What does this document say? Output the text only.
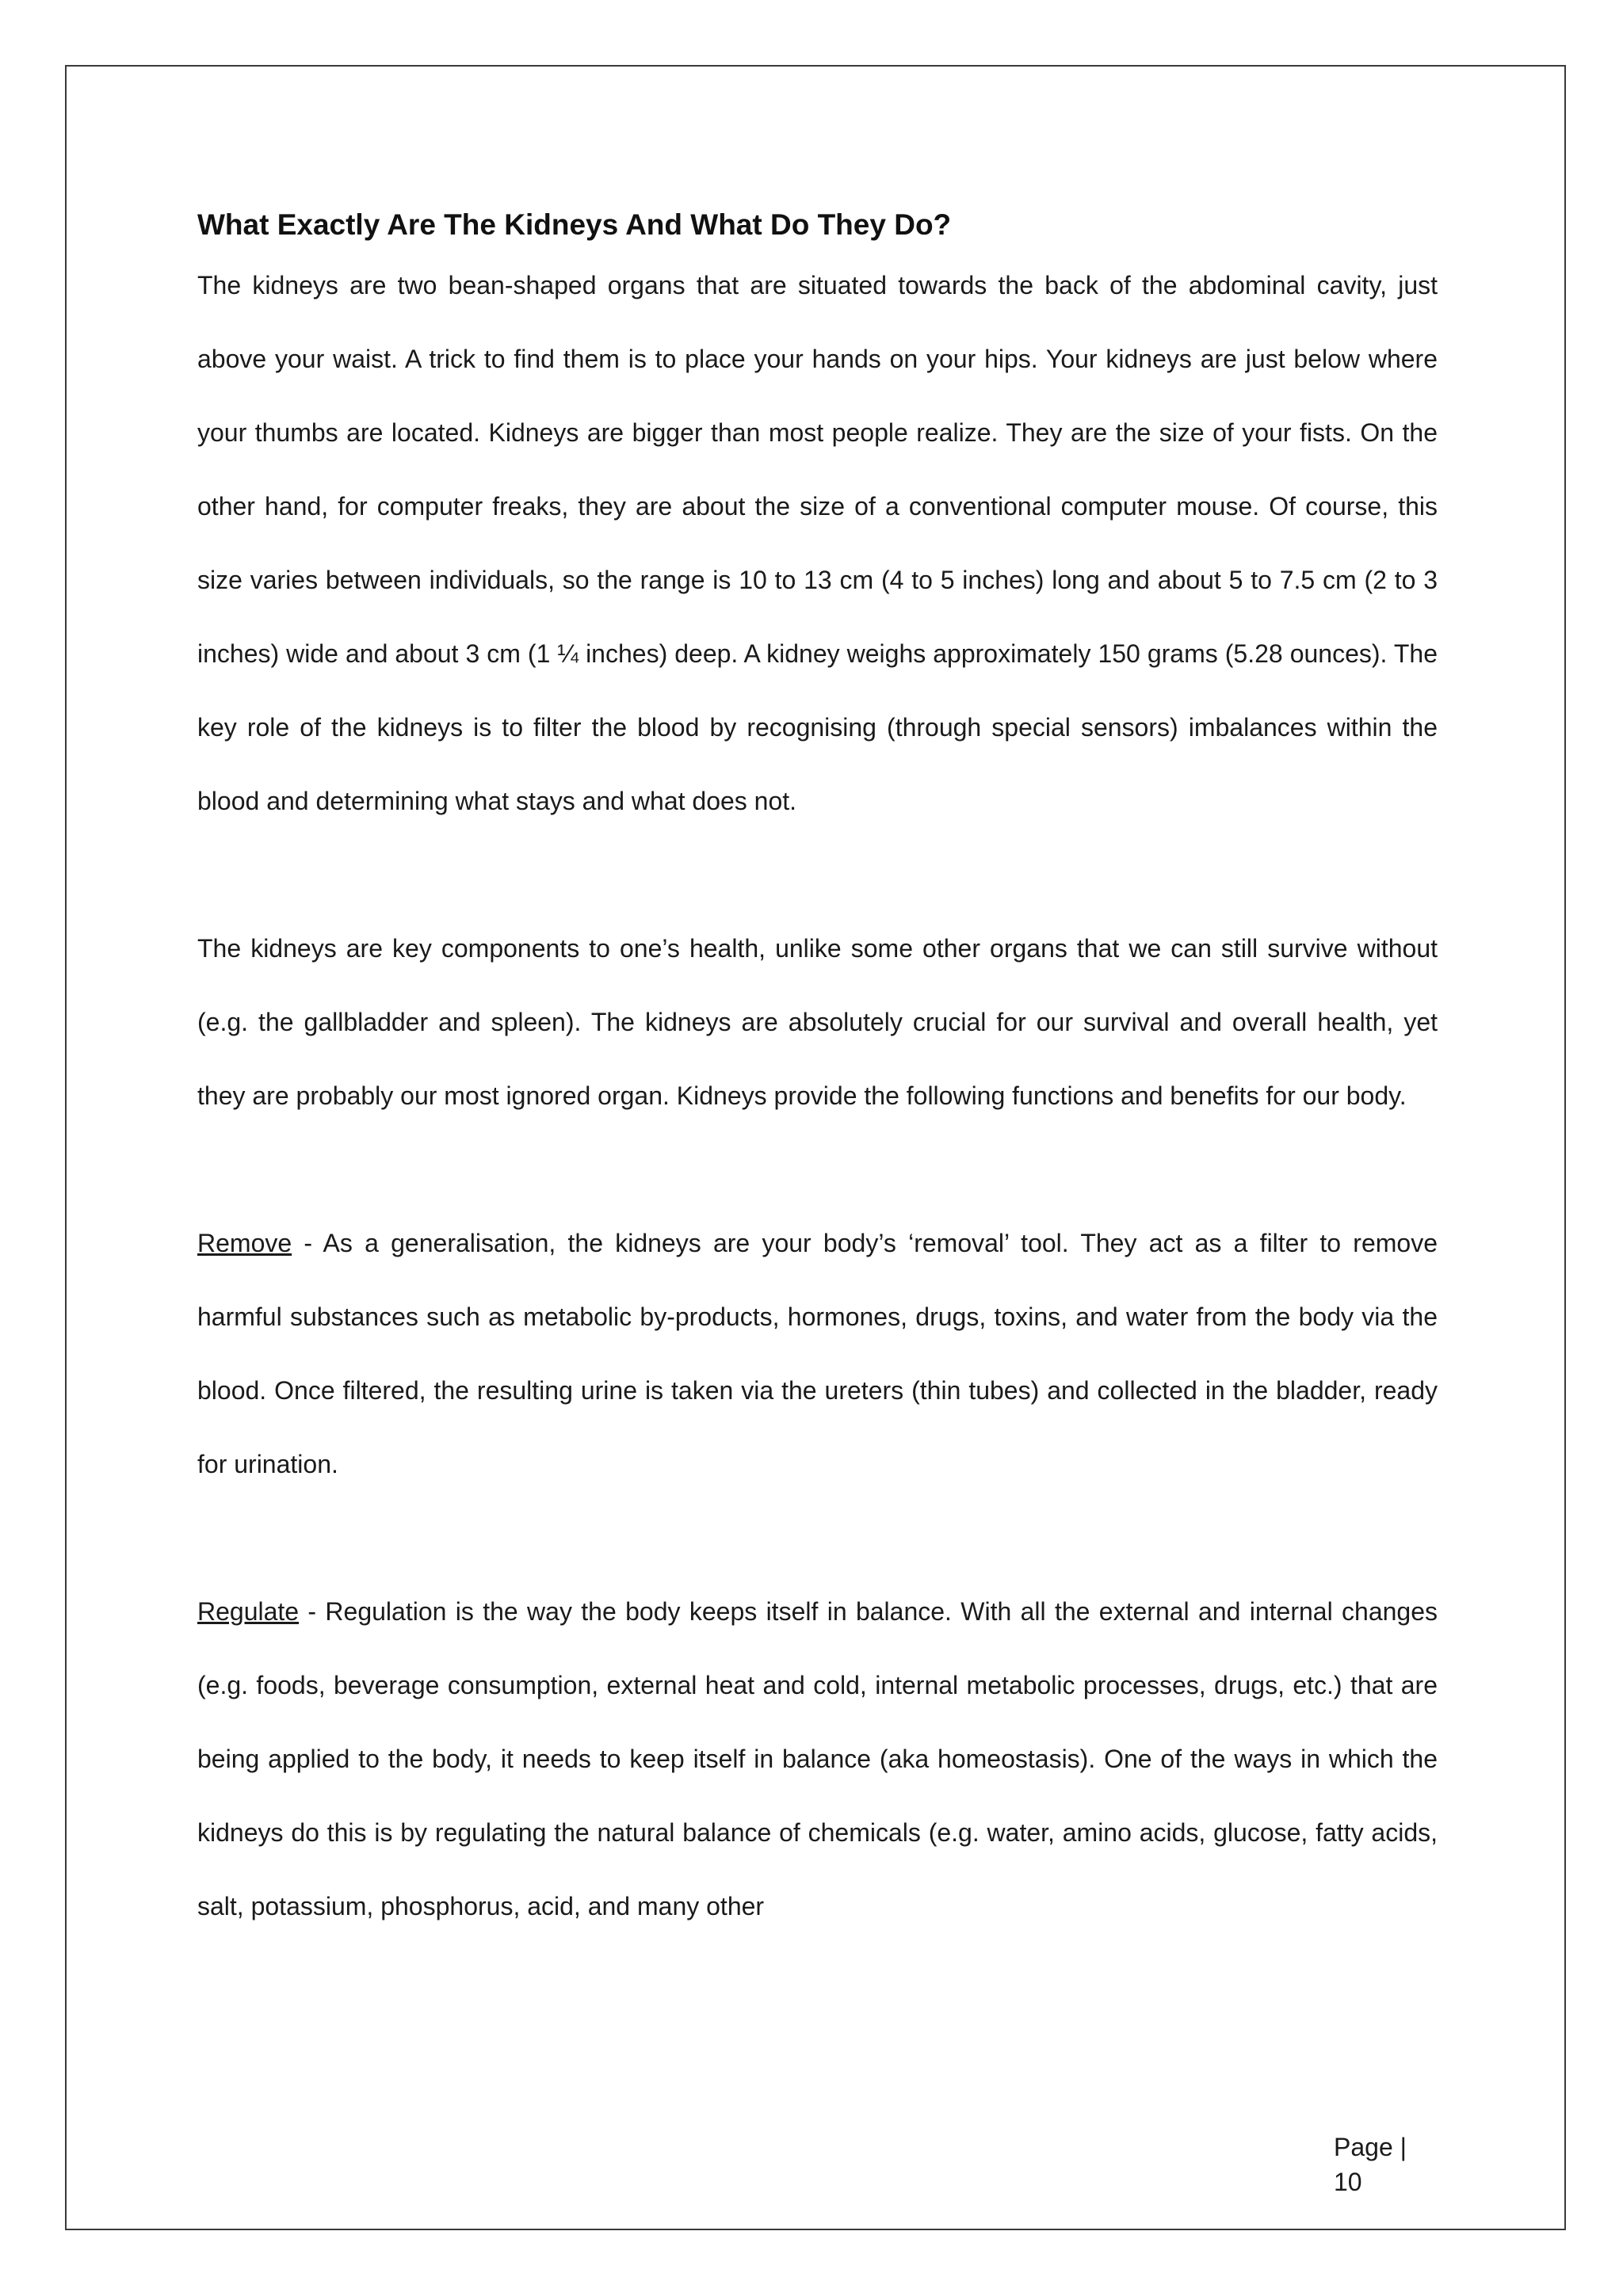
What Exactly Are The Kidneys And What Do They Do?

The kidneys are two bean-shaped organs that are situated towards the back of the abdominal cavity, just above your waist. A trick to find them is to place your hands on your hips. Your kidneys are just below where your thumbs are located. Kidneys are bigger than most people realize. They are the size of your fists. On the other hand, for computer freaks, they are about the size of a conventional computer mouse. Of course, this size varies between individuals, so the range is 10 to 13 cm (4 to 5 inches) long and about 5 to 7.5 cm (2 to 3 inches) wide and about 3 cm (1 ¼ inches) deep. A kidney weighs approximately 150 grams (5.28 ounces). The key role of the kidneys is to filter the blood by recognising (through special sensors) imbalances within the blood and determining what stays and what does not.

The kidneys are key components to one’s health, unlike some other organs that we can still survive without (e.g. the gallbladder and spleen). The kidneys are absolutely crucial for our survival and overall health, yet they are probably our most ignored organ. Kidneys provide the following functions and benefits for our body.

Remove - As a generalisation, the kidneys are your body’s ‘removal’ tool. They act as a filter to remove harmful substances such as metabolic by-products, hormones, drugs, toxins, and water from the body via the blood. Once filtered, the resulting urine is taken via the ureters (thin tubes) and collected in the bladder, ready for urination.

Regulate - Regulation is the way the body keeps itself in balance. With all the external and internal changes (e.g. foods, beverage consumption, external heat and cold, internal metabolic processes, drugs, etc.) that are being applied to the body, it needs to keep itself in balance (aka homeostasis). One of the ways in which the kidneys do this is by regulating the natural balance of chemicals (e.g. water, amino acids, glucose, fatty acids, salt, potassium, phosphorus, acid, and many other

Page |
10
